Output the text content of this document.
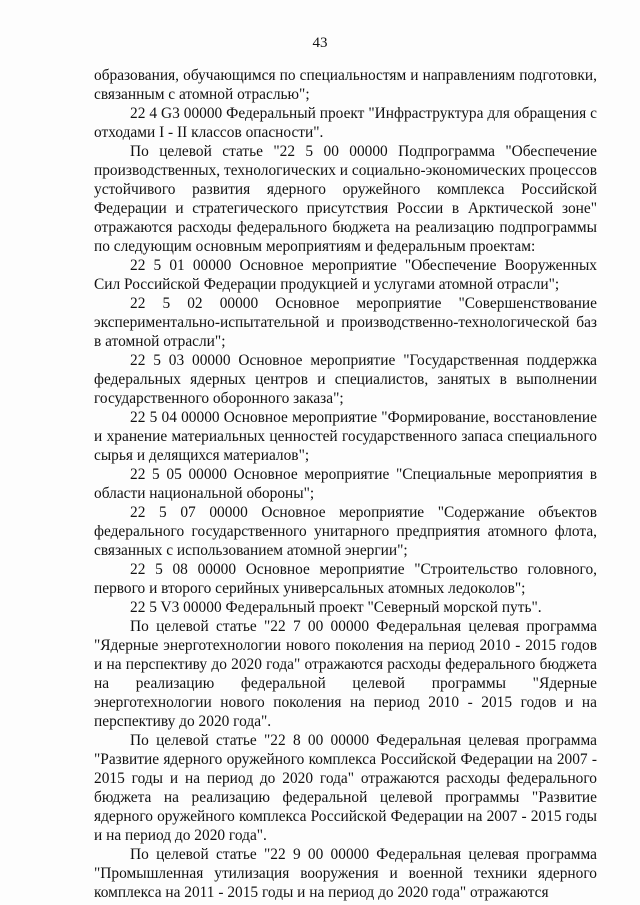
43

образования, обучающимся по специальностям и направлениям подготовки, связанным с атомной отраслью";

22 4 G3 00000 Федеральный проект "Инфраструктура для обращения с отходами I - II классов опасности".

По целевой статье "22 5 00 00000 Подпрограмма "Обеспечение производственных, технологических и социально-экономических процессов устойчивого развития ядерного оружейного комплекса Российской Федерации и стратегического присутствия России в Арктической зоне" отражаются расходы федерального бюджета на реализацию подпрограммы по следующим основным мероприятиям и федеральным проектам:

22 5 01 00000 Основное мероприятие "Обеспечение Вооруженных Сил Российской Федерации продукцией и услугами атомной отрасли";

22 5 02 00000 Основное мероприятие "Совершенствование экспериментально-испытательной и производственно-технологической баз в атомной отрасли";

22 5 03 00000 Основное мероприятие "Государственная поддержка федеральных ядерных центров и специалистов, занятых в выполнении государственного оборонного заказа";

22 5 04 00000 Основное мероприятие "Формирование, восстановление и хранение материальных ценностей государственного запаса специального сырья и делящихся материалов";

22 5 05 00000 Основное мероприятие "Специальные мероприятия в области национальной обороны";

22 5 07 00000 Основное мероприятие "Содержание объектов федерального государственного унитарного предприятия атомного флота, связанных с использованием атомной энергии";

22 5 08 00000 Основное мероприятие "Строительство головного, первого и второго серийных универсальных атомных ледоколов";

22 5 V3 00000 Федеральный проект "Северный морской путь".

По целевой статье "22 7 00 00000 Федеральная целевая программа "Ядерные энерготехнологии нового поколения на период 2010 - 2015 годов и на перспективу до 2020 года" отражаются расходы федерального бюджета на реализацию федеральной целевой программы "Ядерные энерготехнологии нового поколения на период 2010 - 2015 годов и на перспективу до 2020 года".

По целевой статье "22 8 00 00000 Федеральная целевая программа "Развитие ядерного оружейного комплекса Российской Федерации на 2007 - 2015 годы и на период до 2020 года" отражаются расходы федерального бюджета на реализацию федеральной целевой программы "Развитие ядерного оружейного комплекса Российской Федерации на 2007 - 2015 годы и на период до 2020 года".

По целевой статье "22 9 00 00000 Федеральная целевая программа "Промышленная утилизация вооружения и военной техники ядерного комплекса на 2011 - 2015 годы и на период до 2020 года" отражаются
